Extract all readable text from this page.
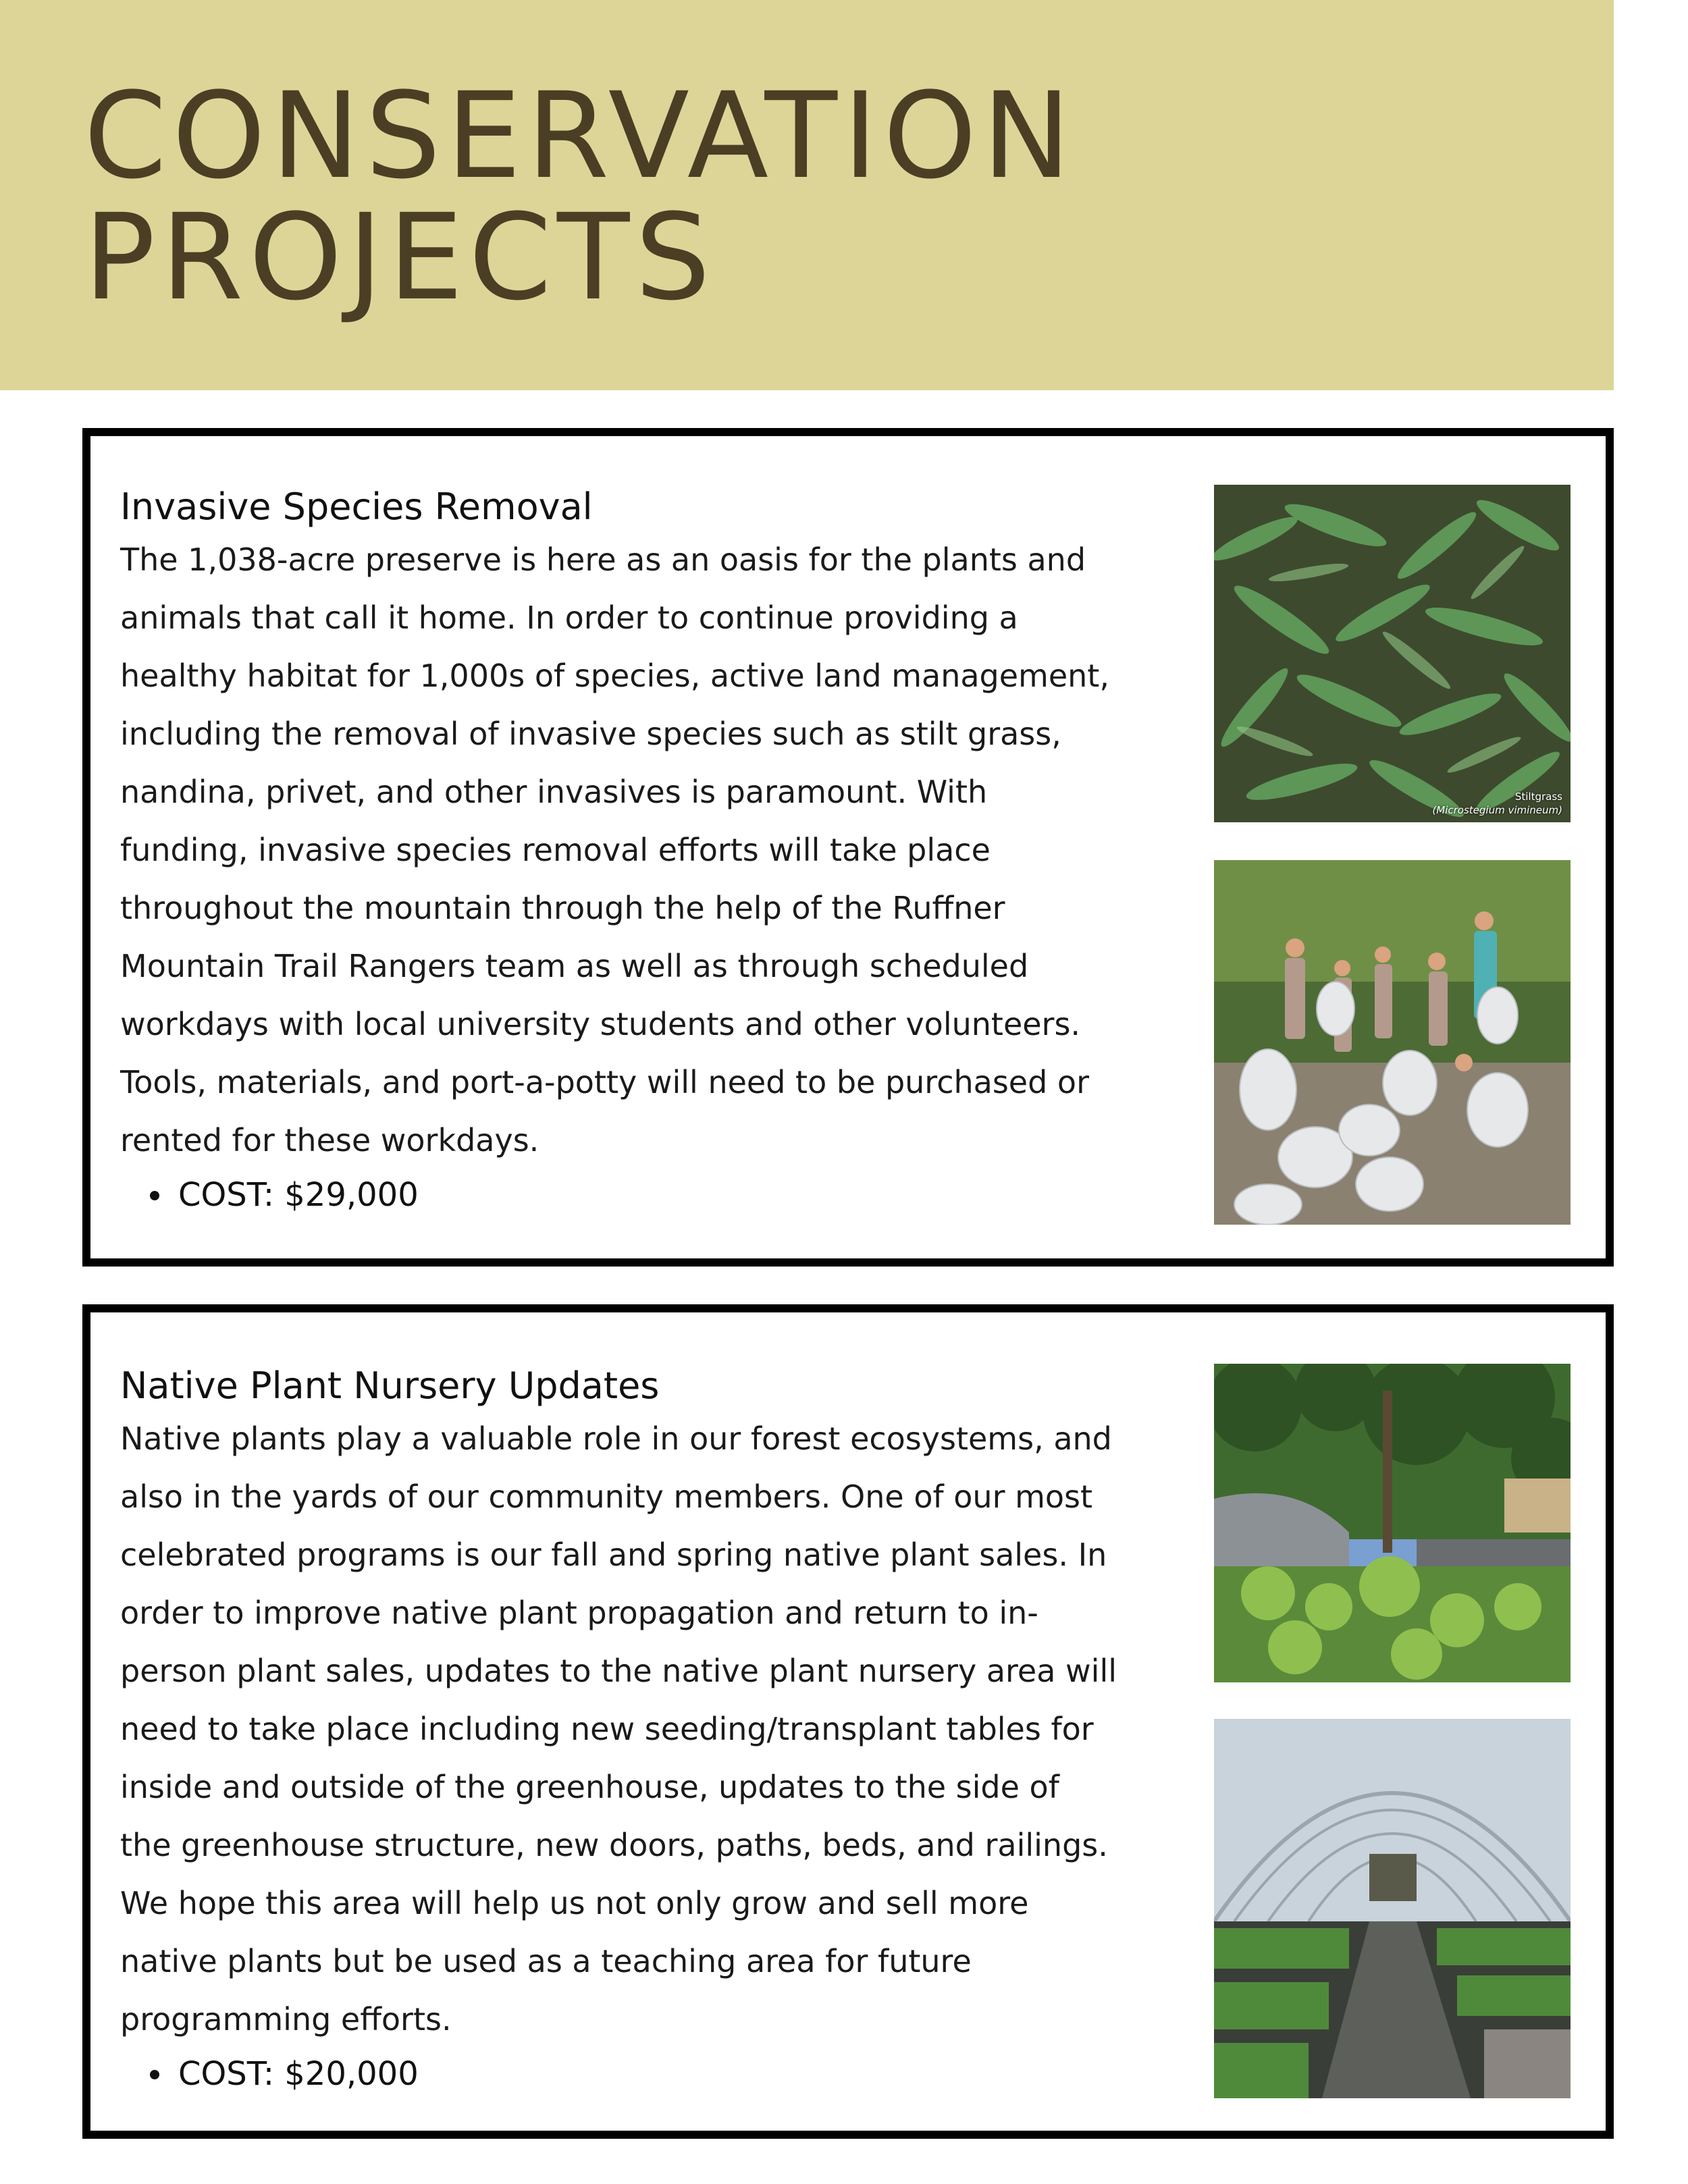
CONSERVATION
PROJECTS
Invasive Species Removal

The 1,038-acre preserve is here as an oasis for the plants and
animals that call it home. In order to continue providing a
healthy habitat for 1,000s of species, active land management,
including the removal of invasive species such as stilt grass,
nandina, privet, and other invasives is paramount. With
funding, invasive species removal efforts will take place
throughout the mountain through the help of the Ruffner
Mountain Trail Rangers team as well as through scheduled
workdays with local university students and other volunteers.
Tools, materials, and port-a-potty will need to be purchased or
rented for these workdays.

COST: $29,000
Stiltgrass
(Microstegium vimineum)
Native Plant Nursery Updates

Native plants play a valuable role in our forest ecosystems, and
also in the yards of our community members. One of our most
celebrated programs is our fall and spring native plant sales. In
order to improve native plant propagation and return to in-
person plant sales, updates to the native plant nursery area will
need to take place including new seeding/transplant tables for
inside and outside of the greenhouse, updates to the side of
the greenhouse structure, new doors, paths, beds, and railings.
We hope this area will help us not only grow and sell more
native plants but be used as a teaching area for future
programming efforts.

COST: $20,000
